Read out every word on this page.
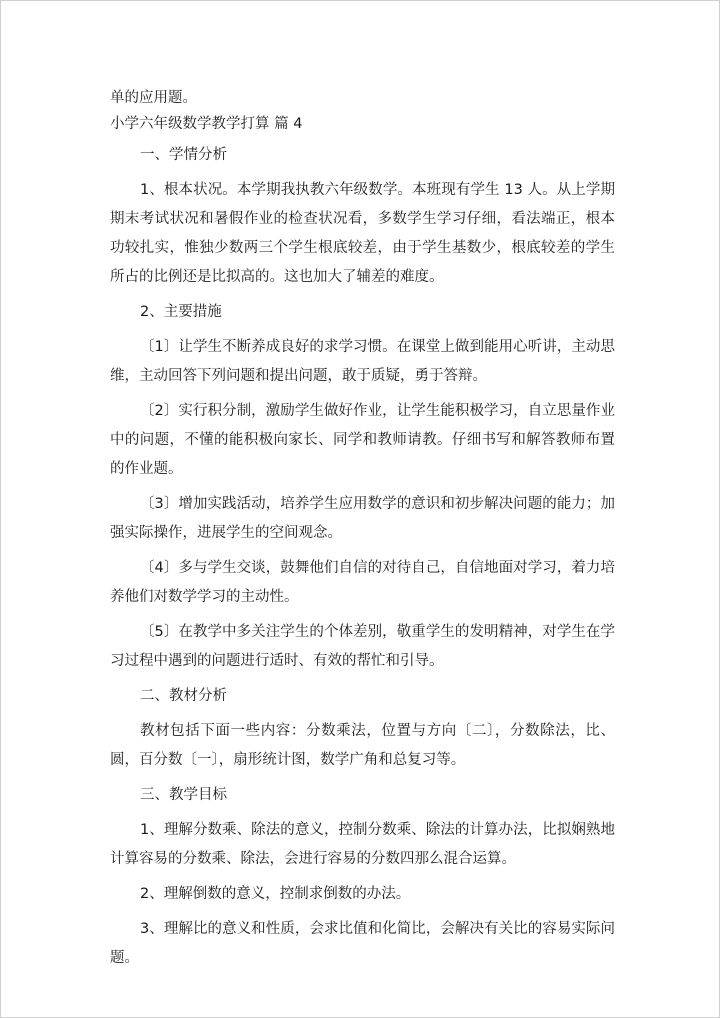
单的应用题。

小学六年级数学教学打算 篇 4

一、学情分析

1、根本状况。本学期我执教六年级数学。本班现有学生 13 人。从上学期期末考试状况和暑假作业的检查状况看，多数学生学习仔细，看法端正，根本功较扎实，惟独少数两三个学生根底较差，由于学生基数少，根底较差的学生所占的比例还是比拟高的。这也加大了辅差的难度。

2、主要措施

〔1〕让学生不断养成良好的求学习惯。在课堂上做到能用心听讲，主动思维，主动回答下列问题和提出问题，敢于质疑，勇于答辩。

〔2〕实行积分制，激励学生做好作业，让学生能积极学习，自立思量作业中的问题，不懂的能积极向家长、同学和教师请教。仔细书写和解答教师布置的作业题。

〔3〕增加实践活动，培养学生应用数学的意识和初步解决问题的能力；加强实际操作，进展学生的空间观念。

〔4〕多与学生交谈，鼓舞他们自信的对待自己，自信地面对学习，着力培养他们对数学学习的主动性。

〔5〕在教学中多关注学生的个体差别，敬重学生的发明精神，对学生在学习过程中遇到的问题进行适时、有效的帮忙和引导。

二、教材分析

教材包括下面一些内容：分数乘法，位置与方向〔二〕，分数除法，比、圆，百分数〔一〕，扇形统计图，数学广角和总复习等。

三、教学目标

1、理解分数乘、除法的意义，控制分数乘、除法的计算办法，比拟娴熟地计算容易的分数乘、除法，会进行容易的分数四那么混合运算。

2、理解倒数的意义，控制求倒数的办法。

3、理解比的意义和性质，会求比值和化简比，会解决有关比的容易实际问题。
